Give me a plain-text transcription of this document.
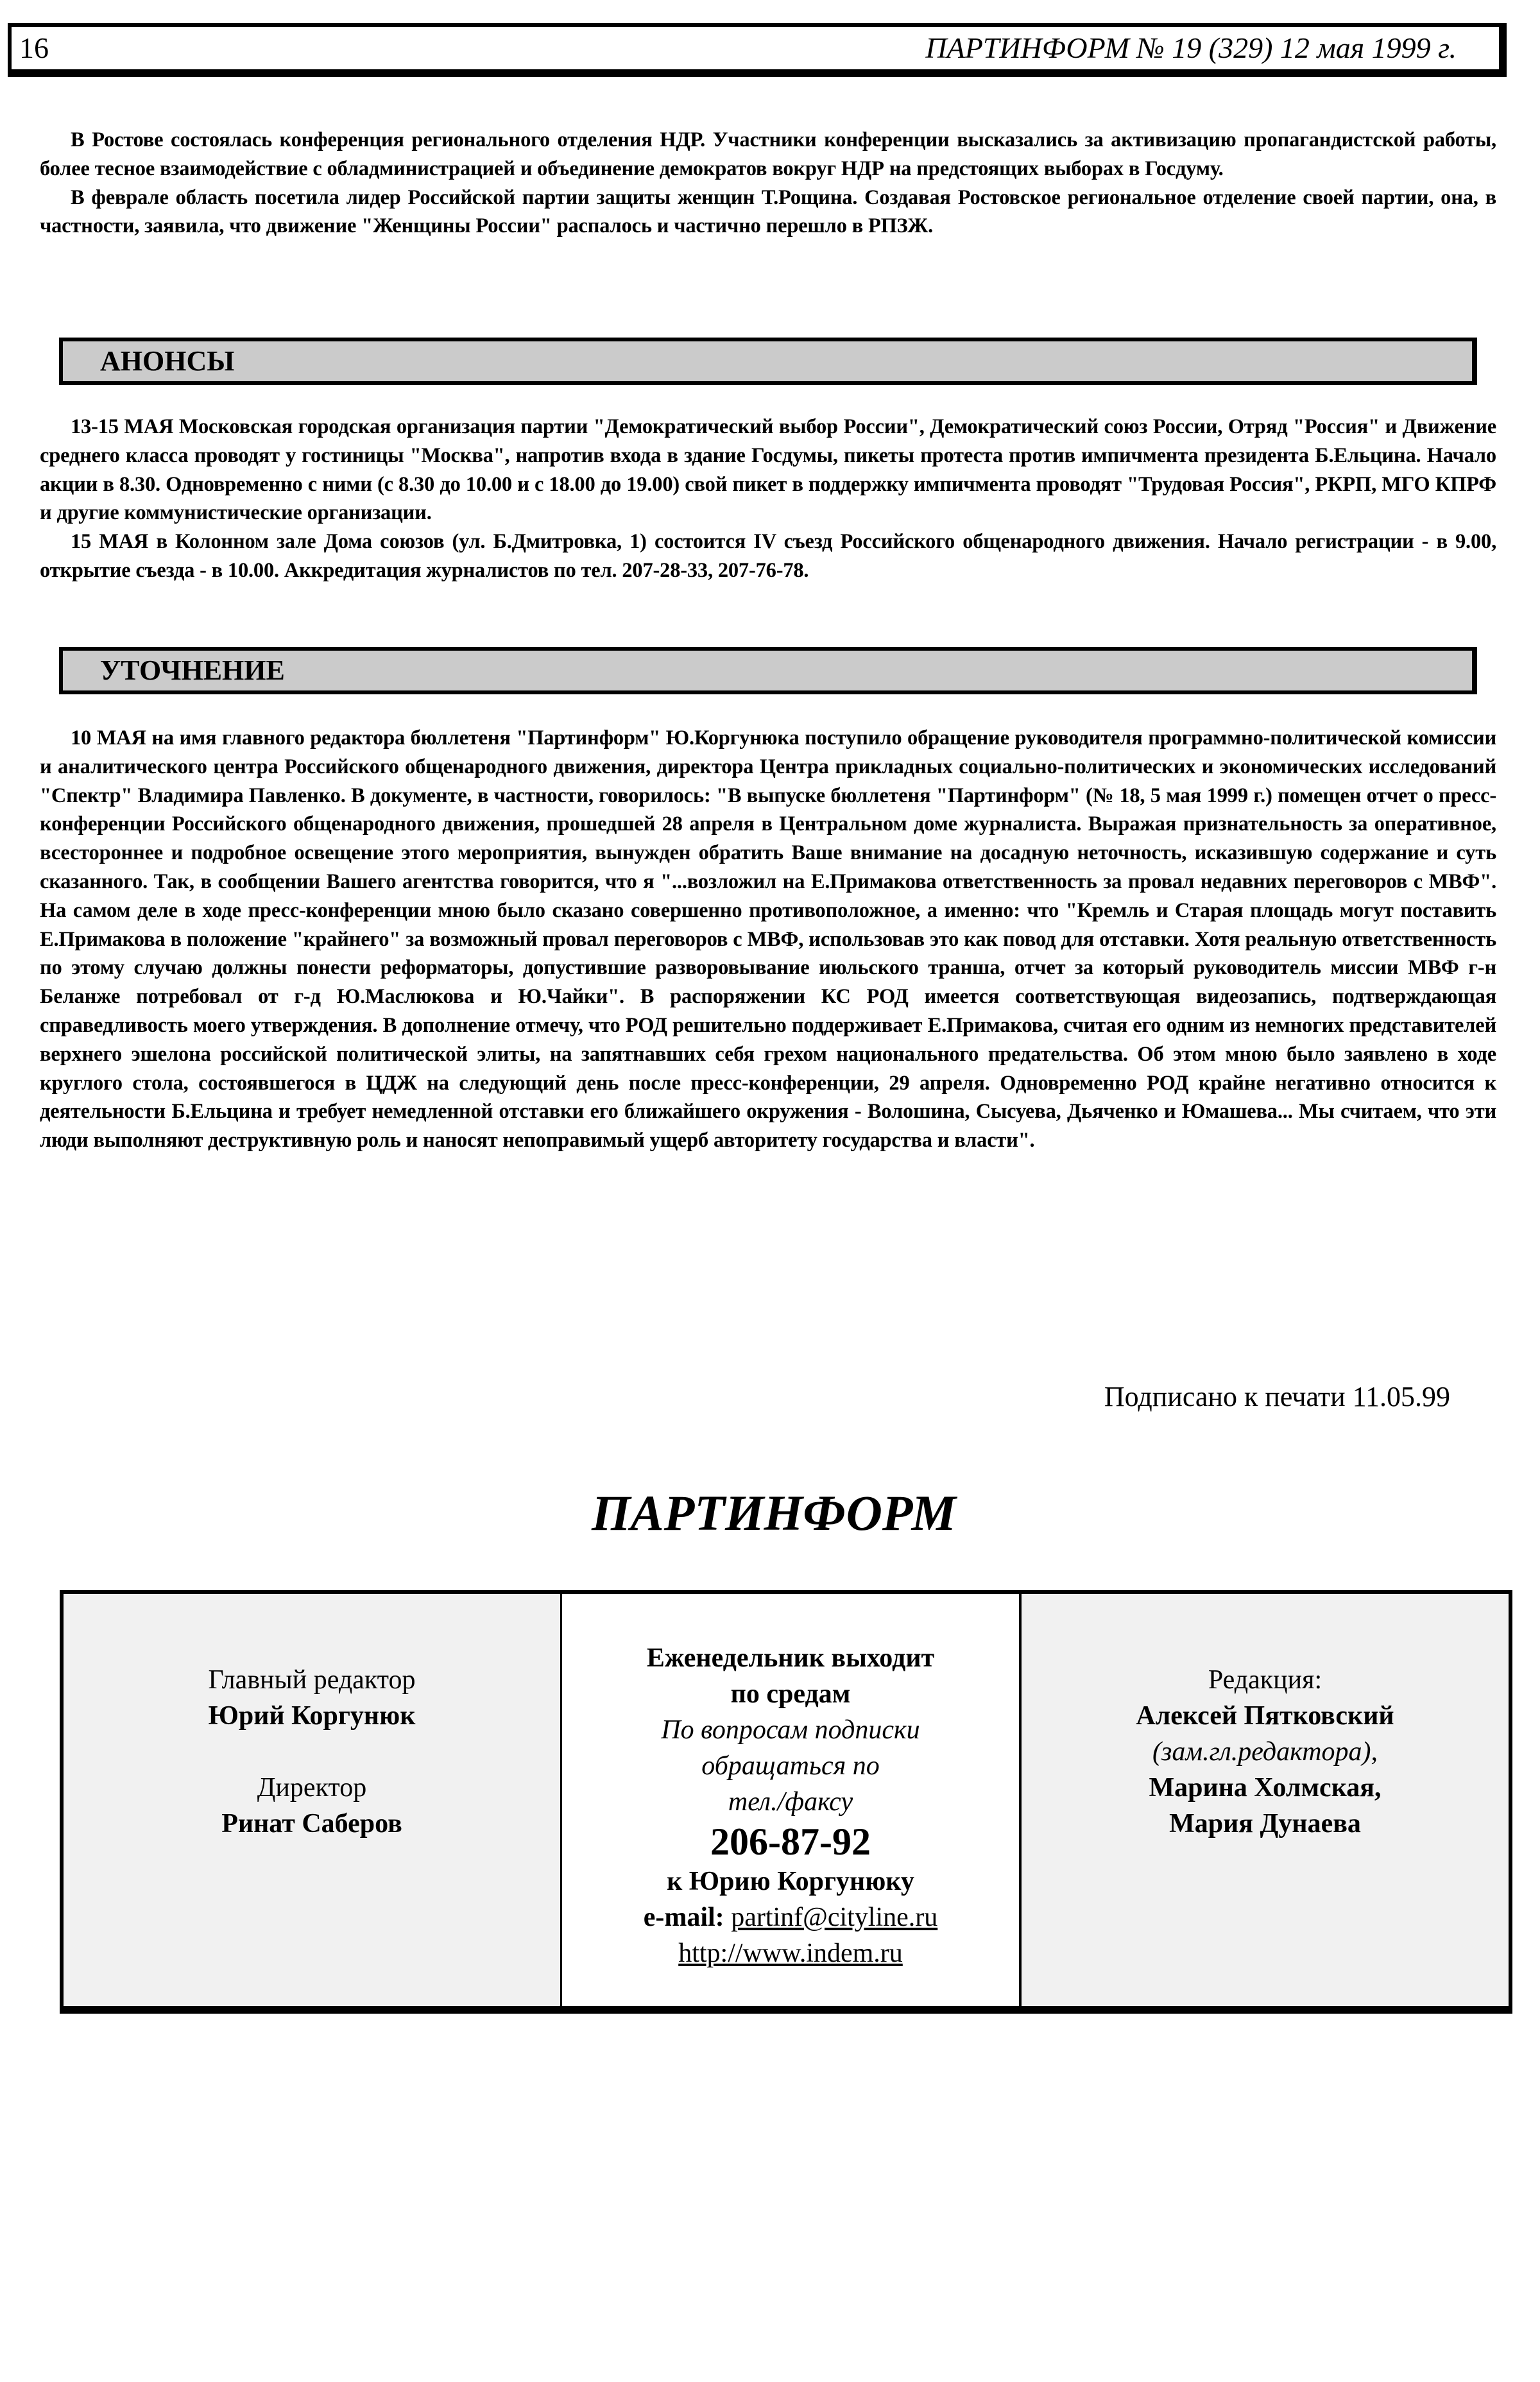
16	ПАРТИНФОРМ № 19 (329) 12 мая 1999 г.

В Ростове состоялась конференция регионального отделения НДР. Участники конференции высказались за активизацию пропагандистской работы, более тесное взаимодействие с обладминистрацией и объединение демократов вокруг НДР на предстоящих выборах в Госдуму.

В феврале область посетила лидер Российской партии защиты женщин Т.Рощина. Создавая Ростовское региональное отделение своей партии, она, в частности, заявила, что движение "Женщины России" распалось и частично перешло в РПЗЖ.

АНОНСЫ

13-15 МАЯ Московская городская организация партии "Демократический выбор России", Демократический союз России, Отряд "Россия" и Движение среднего класса проводят у гостиницы "Москва", напротив входа в здание Госдумы, пикеты протеста против импичмента президента Б.Ельцина. Начало акции в 8.30. Одновременно с ними (с 8.30 до 10.00 и с 18.00 до 19.00) свой пикет в поддержку импичмента проводят "Трудовая Россия", РКРП, МГО КПРФ и другие коммунистические организации.

15 МАЯ в Колонном зале Дома союзов (ул. Б.Дмитровка, 1) состоится IV съезд Российского общенародного движения. Начало регистрации - в 9.00, открытие съезда - в 10.00. Аккредитация журналистов по тел. 207-28-33, 207-76-78.

УТОЧНЕНИЕ

10 МАЯ на имя главного редактора бюллетеня "Партинформ" Ю.Коргунюка поступило обращение руководителя программно-политической комиссии и аналитического центра Российского общенародного движения, директора Центра прикладных социально-политических и экономических исследований "Спектр" Владимира Павленко. В документе, в частности, говорилось: "В выпуске бюллетеня "Партинформ" (№ 18, 5 мая 1999 г.) помещен отчет о пресс-конференции Российского общенародного движения, прошедшей 28 апреля в Центральном доме журналиста. Выражая признательность за оперативное, всестороннее и подробное освещение этого мероприятия, вынужден обратить Ваше внимание на досадную неточность, исказившую содержание и суть сказанного. Так, в сообщении Вашего агентства говорится, что я "...возложил на Е.Примакова ответственность за провал недавних переговоров с МВФ". На самом деле в ходе пресс-конференции мною было сказано совершенно противоположное, а именно: что "Кремль и Старая площадь могут поставить Е.Примакова в положение "крайнего" за возможный провал переговоров с МВФ, использовав это как повод для отставки. Хотя реальную ответственность по этому случаю должны понести реформаторы, допустившие разворовывание июльского транша, отчет за который руководитель миссии МВФ г-н Беланже потребовал от г-д Ю.Маслюкова и Ю.Чайки". В распоряжении КС РОД имеется соответствующая видеозапись, подтверждающая справедливость моего утверждения. В дополнение отмечу, что РОД решительно поддерживает Е.Примакова, считая его одним из немногих представителей верхнего эшелона российской политической элиты, на запятнавших себя грехом национального предательства. Об этом мною было заявлено в ходе круглого стола, состоявшегося в ЦДЖ на следующий день после пресс-конференции, 29 апреля. Одновременно РОД крайне негативно относится к деятельности Б.Ельцина и требует немедленной отставки его ближайшего окружения - Волошина, Сысуева, Дьяченко и Юмашева... Мы считаем, что эти люди выполняют деструктивную роль и наносят непоправимый ущерб авторитету государства и власти".

Подписано к печати 11.05.99
ПАРТИНФОРМ
Главный редактор
Юрий Коргунюк
Директор
Ринат Саберов
Еженедельник выходит
по средам
По вопросам подписки
обращаться по
тел./факсу
206-87-92
к Юрию Коргунюку
e-mail: partinf@cityline.ru
http://www.indem.ru
Редакция:
Алексей Пятковский
(зам.гл.редактора),
Марина Холмская,
Мария Дунаева
